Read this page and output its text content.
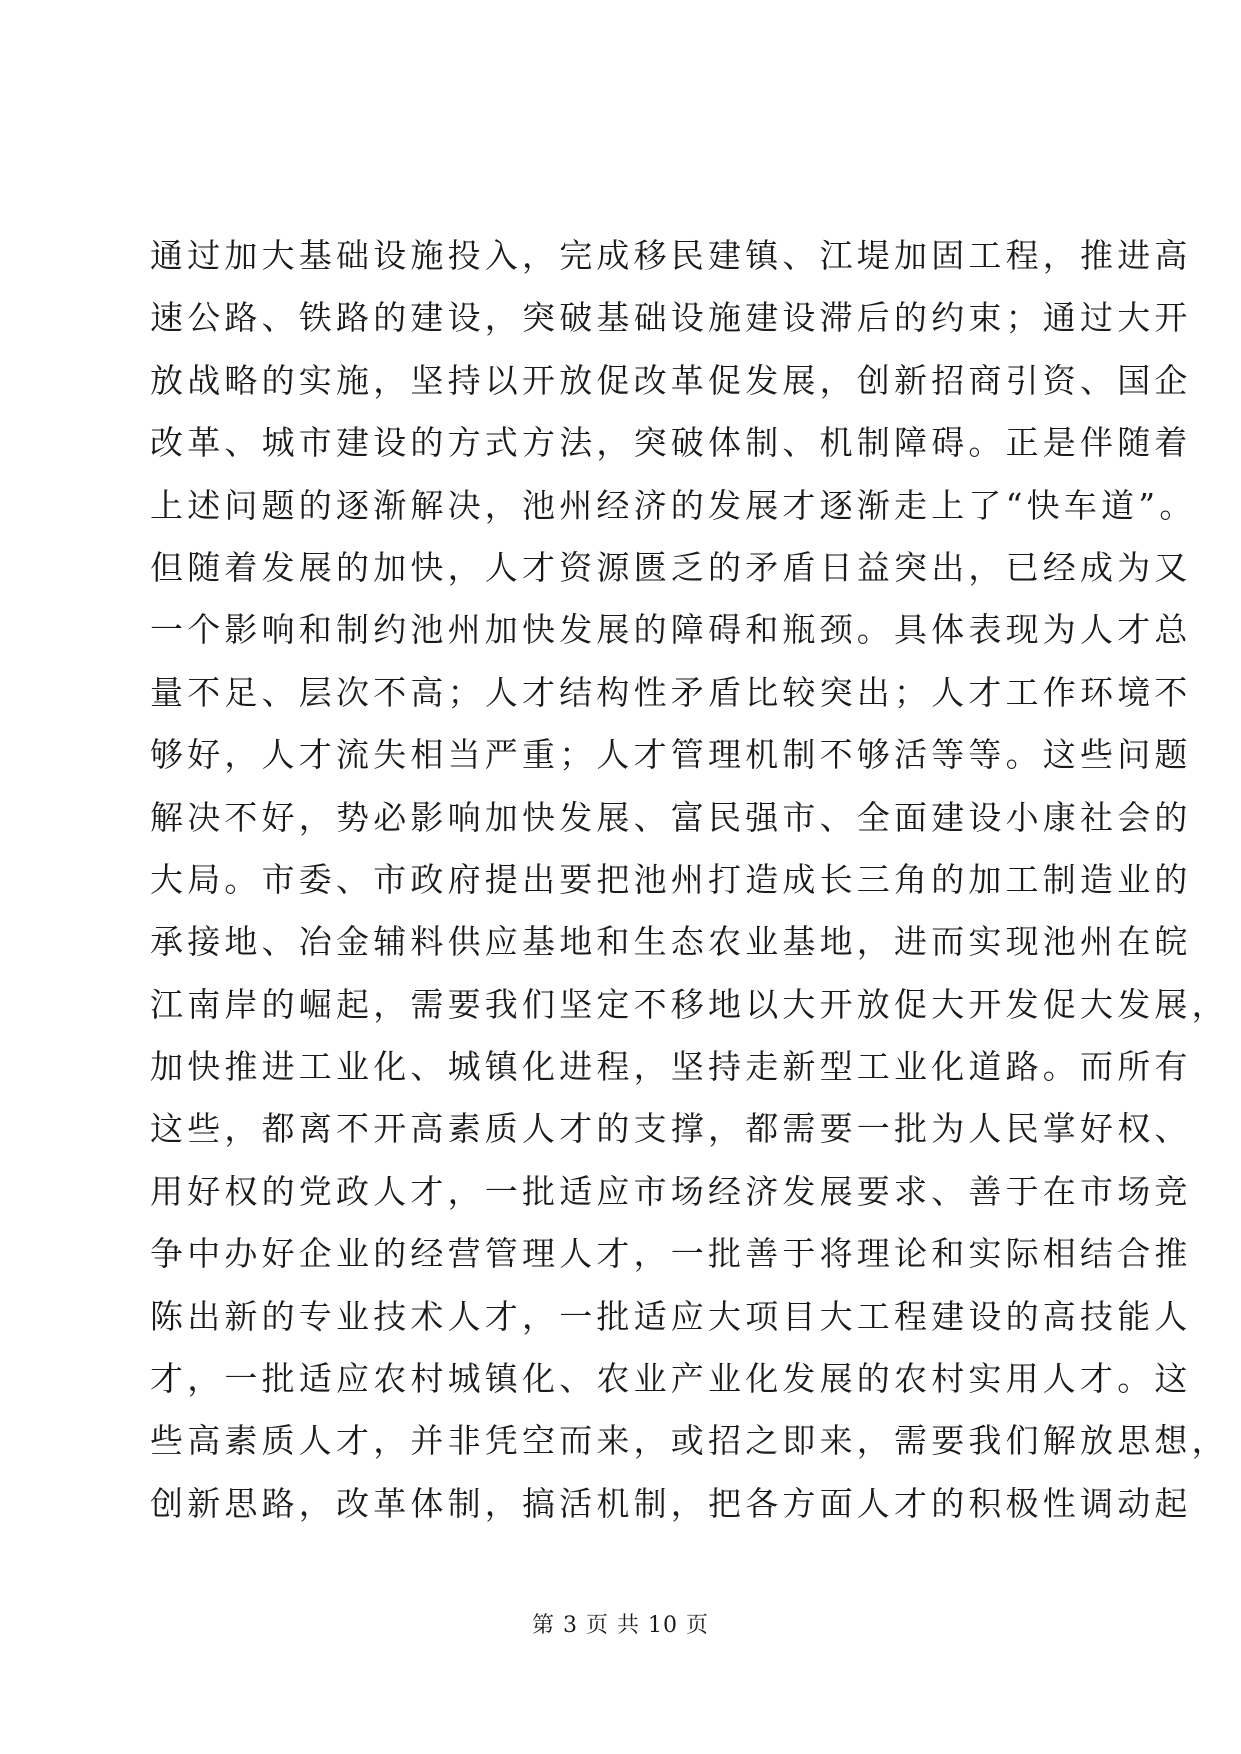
通过加大基础设施投入，完成移民建镇、江堤加固工程，推进高
速公路、铁路的建设，突破基础设施建设滞后的约束；通过大开
放战略的实施，坚持以开放促改革促发展，创新招商引资、国企
改革、城市建设的方式方法，突破体制、机制障碍。正是伴随着
上述问题的逐渐解决，池州经济的发展才逐渐走上了“快车道”。
但随着发展的加快，人才资源匮乏的矛盾日益突出，已经成为又
一个影响和制约池州加快发展的障碍和瓶颈。具体表现为人才总
量不足、层次不高；人才结构性矛盾比较突出；人才工作环境不
够好，人才流失相当严重；人才管理机制不够活等等。这些问题
解决不好，势必影响加快发展、富民强市、全面建设小康社会的
大局。市委、市政府提出要把池州打造成长三角的加工制造业的
承接地、冶金辅料供应基地和生态农业基地，进而实现池州在皖
江南岸的崛起，需要我们坚定不移地以大开放促大开发促大发展，
加快推进工业化、城镇化进程，坚持走新型工业化道路。而所有
这些，都离不开高素质人才的支撑，都需要一批为人民掌好权、
用好权的党政人才，一批适应市场经济发展要求、善于在市场竞
争中办好企业的经营管理人才，一批善于将理论和实际相结合推
陈出新的专业技术人才，一批适应大项目大工程建设的高技能人
才，一批适应农村城镇化、农业产业化发展的农村实用人才。这
些高素质人才，并非凭空而来，或招之即来，需要我们解放思想，
创新思路，改革体制，搞活机制，把各方面人才的积极性调动起
第 3 页 共 10 页
